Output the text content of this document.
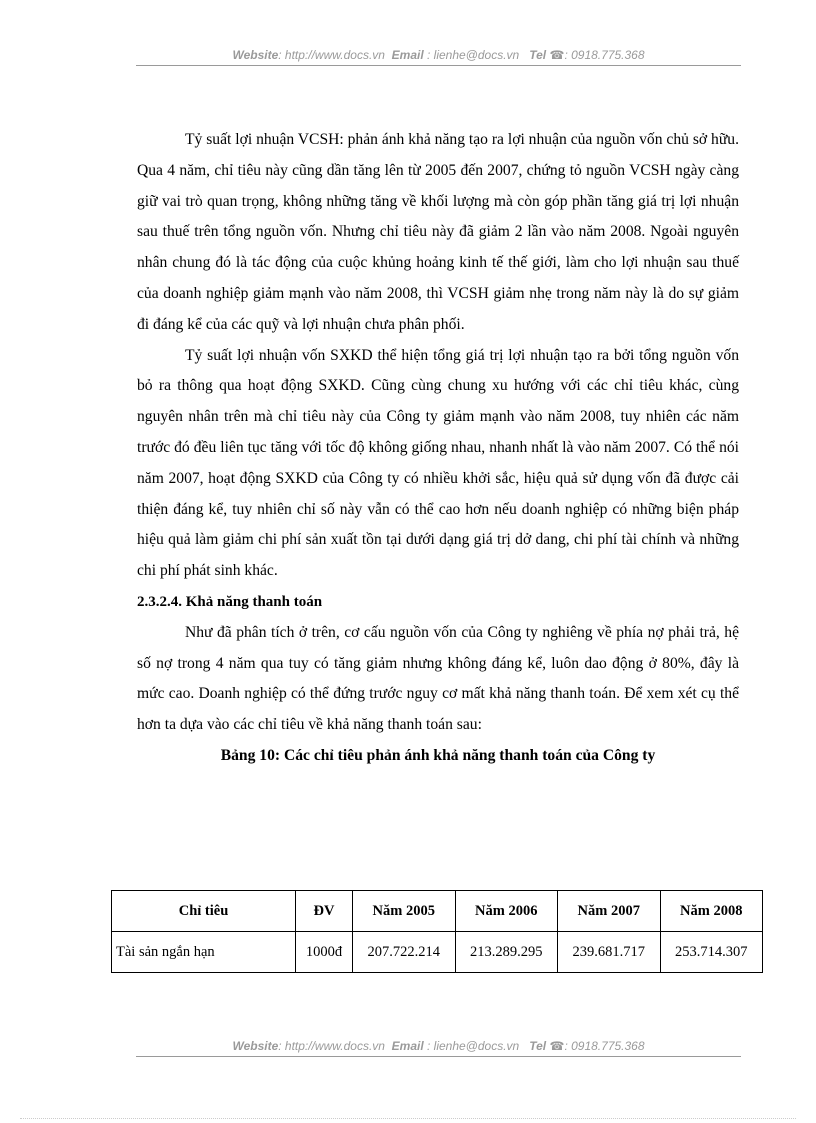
Website: http://www.docs.vn Email : lienhe@docs.vn Tel ☎: 0918.775.368

Tỷ suất lợi nhuận VCSH: phản ánh khả năng tạo ra lợi nhuận của nguồn vốn chủ sở hữu. Qua 4 năm, chỉ tiêu này cũng dần tăng lên từ 2005 đến 2007, chứng tỏ nguồn VCSH ngày càng giữ vai trò quan trọng, không những tăng về khối lượng mà còn góp phần tăng giá trị lợi nhuận sau thuế trên tổng nguồn vốn. Nhưng chỉ tiêu này đã giảm 2 lần vào năm 2008. Ngoài nguyên nhân chung đó là tác động của cuộc khủng hoảng kinh tế thế giới, làm cho lợi nhuận sau thuế của doanh nghiệp giảm mạnh vào năm 2008, thì VCSH giảm nhẹ trong năm này là do sự giảm đi đáng kể của các quỹ và lợi nhuận chưa phân phối.

Tỷ suất lợi nhuận vốn SXKD thể hiện tổng giá trị lợi nhuận tạo ra bởi tổng nguồn vốn bỏ ra thông qua hoạt động SXKD. Cũng cùng chung xu hướng với các chỉ tiêu khác, cùng nguyên nhân trên mà chỉ tiêu này của Công ty giảm mạnh vào năm 2008, tuy nhiên các năm trước đó đều liên tục tăng với tốc độ không giống nhau, nhanh nhất là vào năm 2007. Có thể nói năm 2007, hoạt động SXKD của Công ty có nhiều khởi sắc, hiệu quả sử dụng vốn đã được cải thiện đáng kể, tuy nhiên chỉ số này vẫn có thể cao hơn nếu doanh nghiệp có những biện pháp hiệu quả làm giảm chi phí sản xuất tồn tại dưới dạng giá trị dở dang, chi phí tài chính và những chi phí phát sinh khác.

2.3.2.4. Khả năng thanh toán

Như đã phân tích ở trên, cơ cấu nguồn vốn của Công ty nghiêng về phía nợ phải trả, hệ số nợ trong 4 năm qua tuy có tăng giảm nhưng không đáng kể, luôn dao động ở 80%, đây là mức cao. Doanh nghiệp có thể đứng trước nguy cơ mất khả năng thanh toán. Để xem xét cụ thể hơn ta dựa vào các chỉ tiêu về khả năng thanh toán sau:

Bảng 10: Các chỉ tiêu phản ánh khả năng thanh toán của Công ty

Chỉ tiêu	ĐV	Năm 2005	Năm 2006	Năm 2007	Năm 2008
Tài sản ngắn hạn	1000đ	207.722.214	213.289.295	239.681.717	253.714.307
Website: http://www.docs.vn Email : lienhe@docs.vn Tel ☎: 0918.775.368
